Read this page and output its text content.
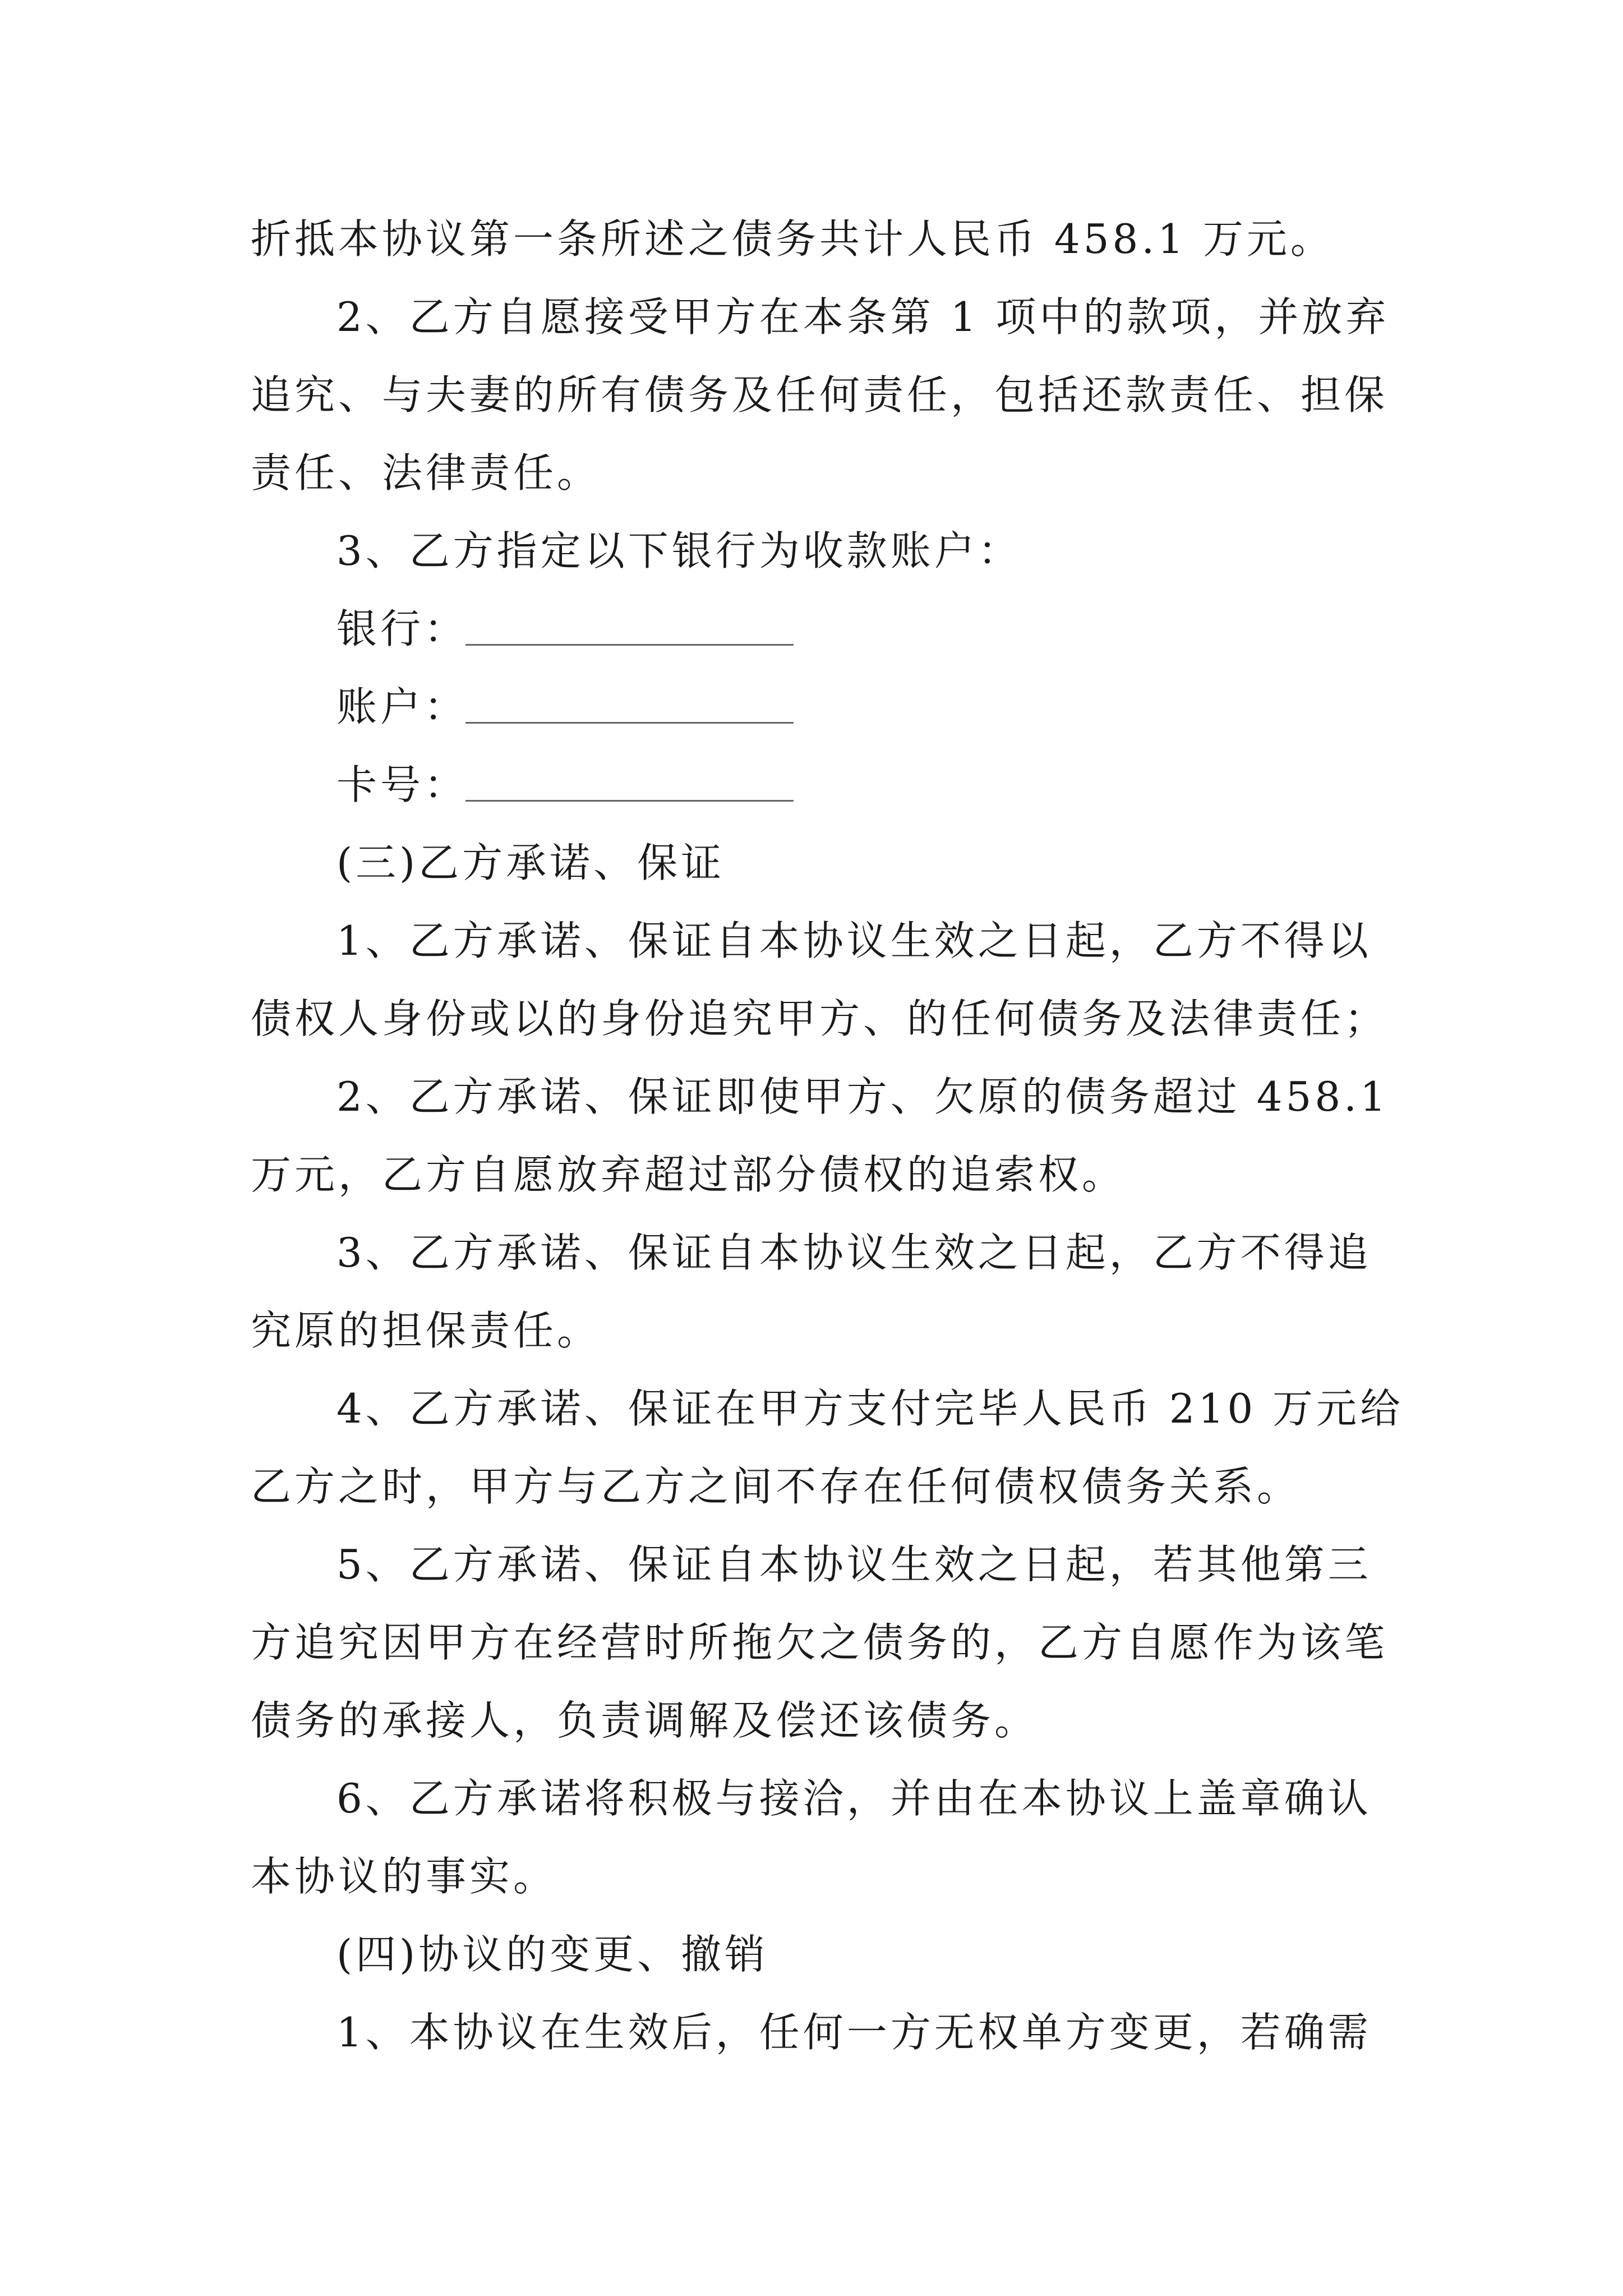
折抵本协议第一条所述之债务共计人民币 458.1 万元。
2、乙方自愿接受甲方在本条第 1 项中的款项，并放弃
追究、与夫妻的所有债务及任何责任，包括还款责任、担保
责任、法律责任。
3、乙方指定以下银行为收款账户：
银行：
账户：
卡号：
(三)乙方承诺、保证
1、乙方承诺、保证自本协议生效之日起，乙方不得以
债权人身份或以的身份追究甲方、的任何债务及法律责任；
2、乙方承诺、保证即使甲方、欠原的债务超过 458.1
万元，乙方自愿放弃超过部分债权的追索权。
3、乙方承诺、保证自本协议生效之日起，乙方不得追
究原的担保责任。
4、乙方承诺、保证在甲方支付完毕人民币 210 万元给
乙方之时，甲方与乙方之间不存在任何债权债务关系。
5、乙方承诺、保证自本协议生效之日起，若其他第三
方追究因甲方在经营时所拖欠之债务的，乙方自愿作为该笔
债务的承接人，负责调解及偿还该债务。
6、乙方承诺将积极与接洽，并由在本协议上盖章确认
本协议的事实。
(四)协议的变更、撤销
1、本协议在生效后，任何一方无权单方变更，若确需
